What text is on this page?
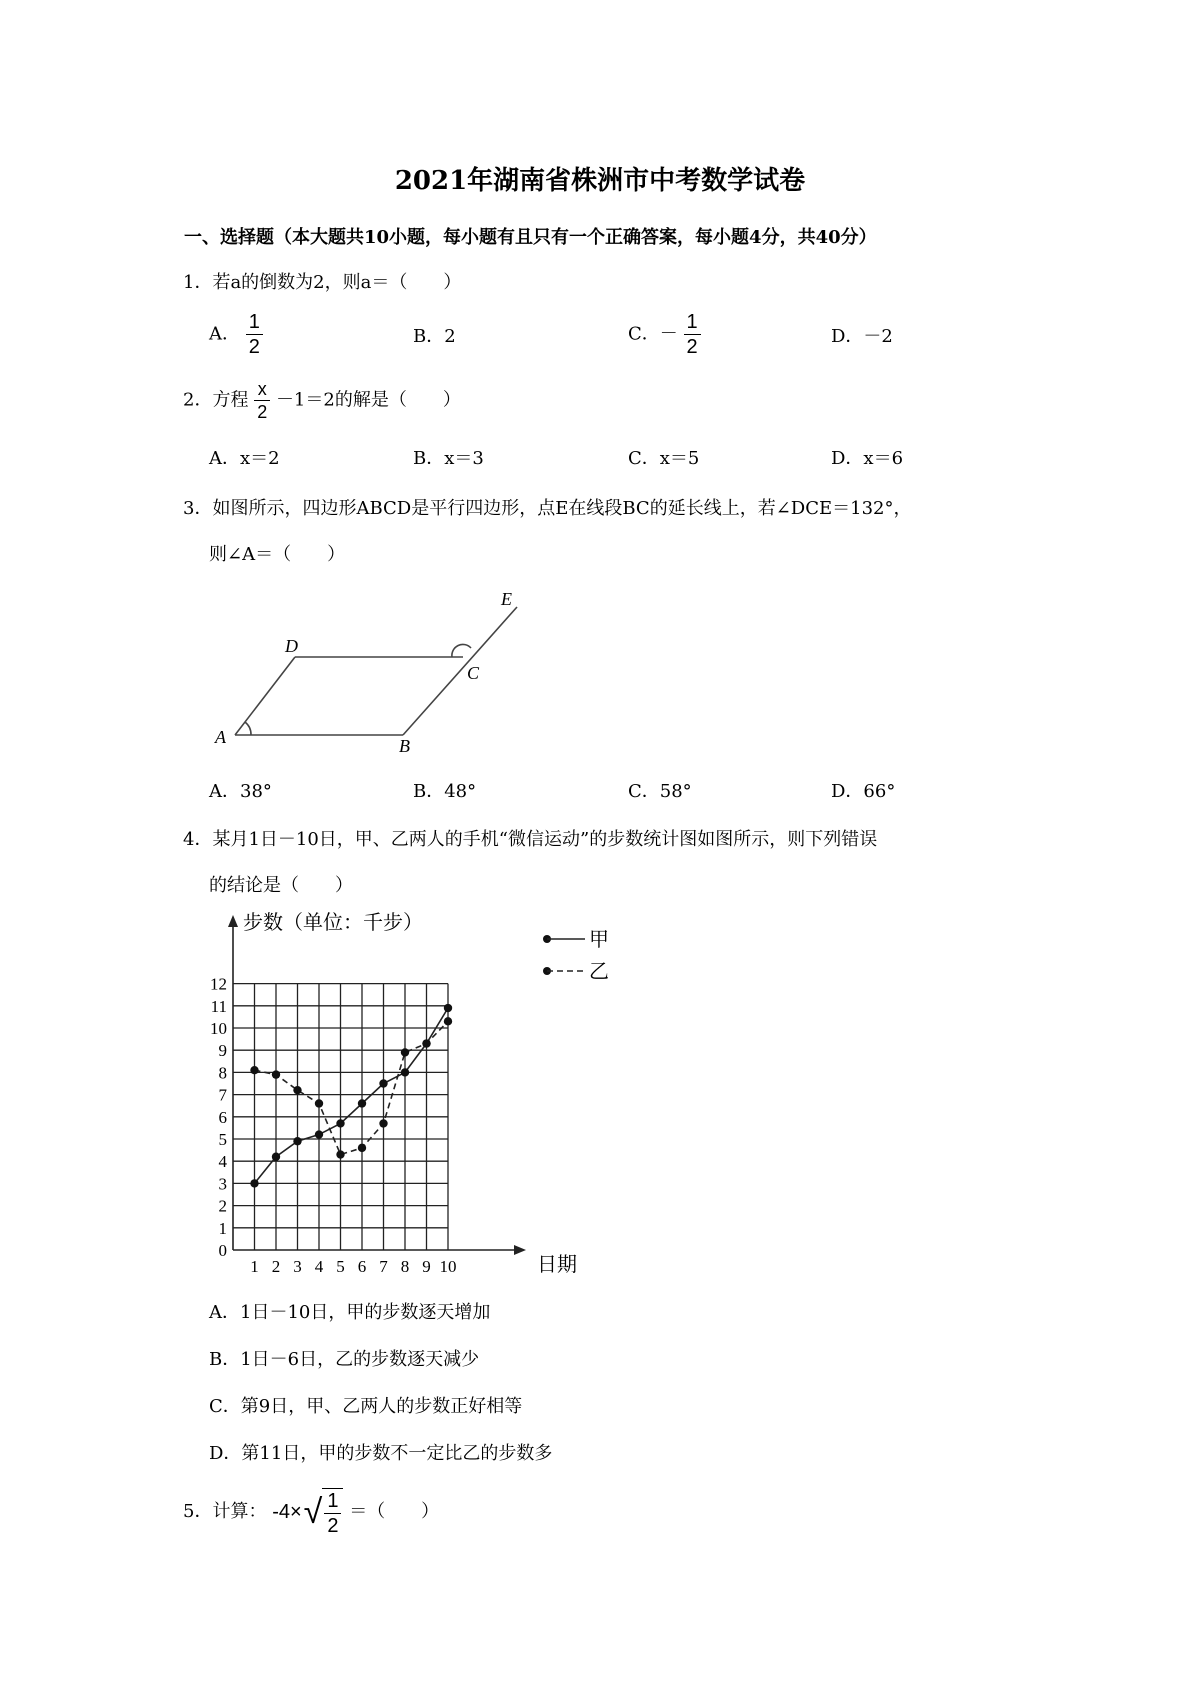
2021年湖南省株洲市中考数学试卷
一、选择题（本大题共10小题，每小题有且只有一个正确答案，每小题4分，共40分）
1．若a的倒数为2，则a＝（　　）
A． $\frac{1}{2}$	B．2	C．－ $\frac{1}{2}$	D．－2
2．方程 $\frac{x}{2} -1=2$的解是（　　）
A．x＝2	B．x＝3	C．x＝5	D．x＝6
3．如图所示，四边形ABCD是平行四边形，点E在线段BC的延长线上，若∠DCE＝132°，
则∠A＝（　　）
A	B
C
D
E
A．38°	B．48°	C．58°	D．66°
4．某月1日－10日，甲、乙两人的手机“微信运动”的步数统计图如图所示，则下列错误
的结论是（　　）
0
1
2
3
4
5
6
7
8
9
10
11
12
1 2 3 4 5 6 7 8 9 10
步数（单位：千步）
日期
甲
乙
A．1日－10日，甲的步数逐天增加
B．1日－6日，乙的步数逐天减少
C．第9日，甲、乙两人的步数正好相等
D．第11日，甲的步数不一定比乙的步数多
5．计算： -4× √ $\frac{1}{2}$ ＝（　　）
